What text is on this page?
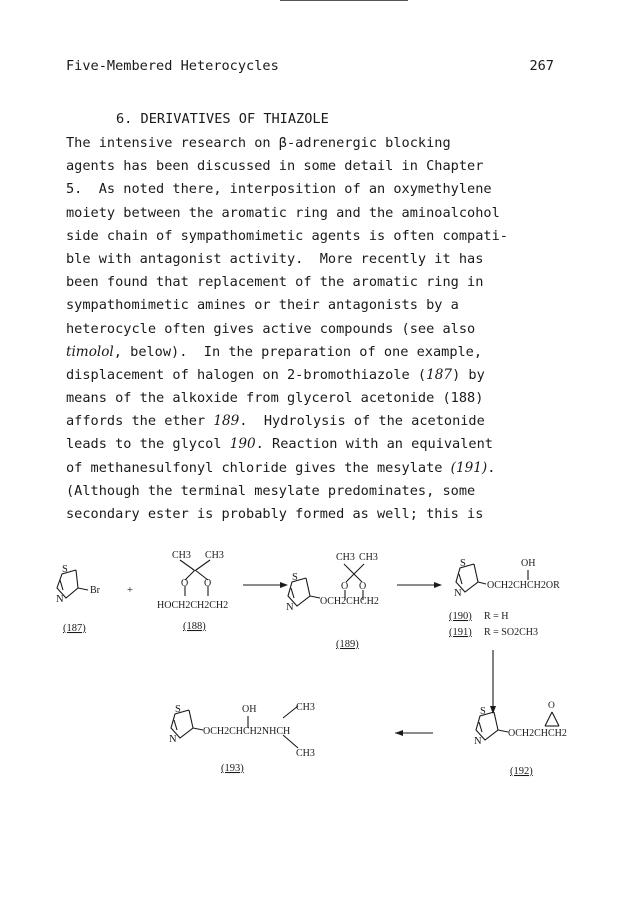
Five-Membered Heterocycles	267
6. DERIVATIVES OF THIAZOLE
The intensive research on β-adrenergic blocking
agents has been discussed in some detail in Chapter
5.  As noted there, interposition of an oxymethylene
moiety between the aromatic ring and the aminoalcohol
side chain of sympathomimetic agents is often compati-
ble with antagonist activity.  More recently it has
been found that replacement of the aromatic ring in
sympathomimetic amines or their antagonists by a
heterocycle often gives active compounds (see also
timolol, below).  In the preparation of one example,
displacement of halogen on 2-bromothiazole (187) by
means of the alkoxide from glycerol acetonide (188)
affords the ether 189.  Hydrolysis of the acetonide
leads to the glycol 190. Reaction with an equivalent
of methanesulfonyl chloride gives the mesylate (191).
(Although the terminal mesylate predominates, some
secondary ester is probably formed as well; this is
S
N
Br
(187)
+
CH3 CH3
O O
HOCH2CH2CH2
(188)
CH3 CH3
S
N
O O
OCH2CHCH2
(189)
S
N
OH
OCH2CHCH2OR
(190) R = H
(191) R = SO2CH3
S
N
O
OCH2CHCH2
(192)
S
N
OH
OCH2CHCH2NHCH
CH3
CH3
(193)
